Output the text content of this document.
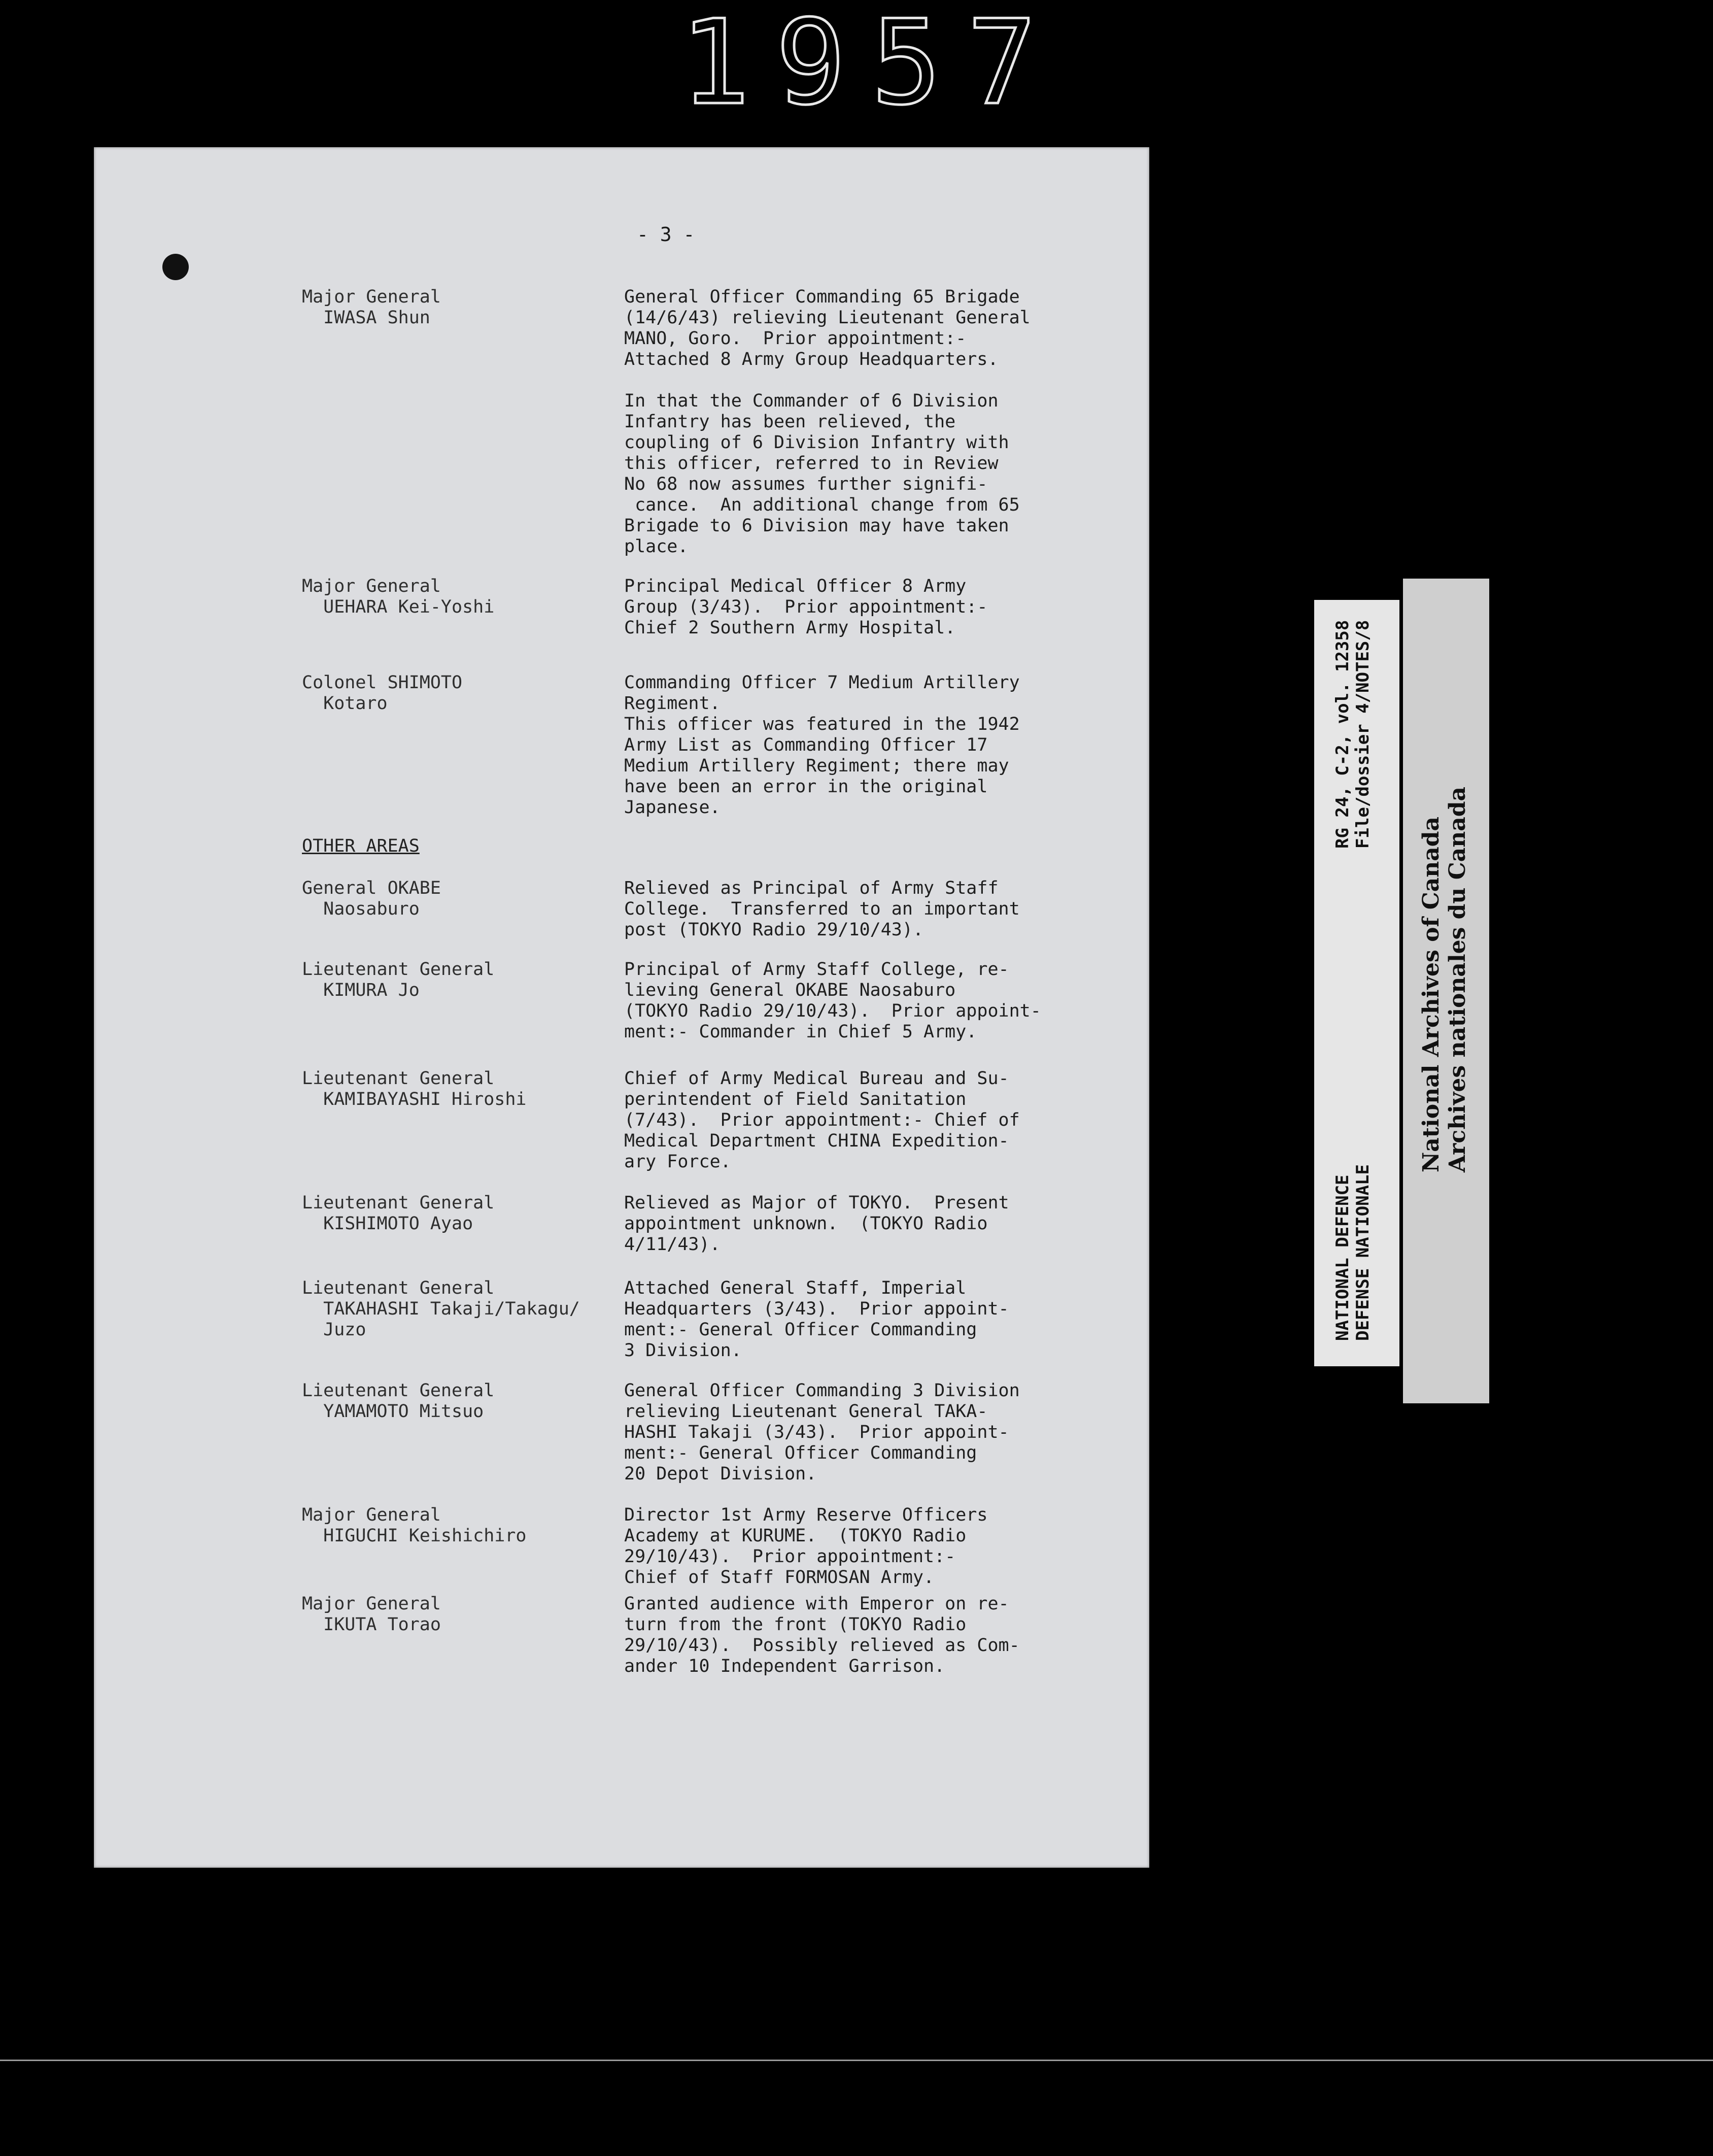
1957
- 3 -
Major General
IWASA Shun
General Officer Commanding 65 Brigade
(14/6/43) relieving Lieutenant General
MANO, Goro.  Prior appointment:-
Attached 8 Army Group Headquarters.
In that the Commander of 6 Division
Infantry has been relieved, the
coupling of 6 Division Infantry with
this officer, referred to in Review
No 68 now assumes further signifi-
cance.  An additional change from 65
Brigade to 6 Division may have taken
place.
Major General
UEHARA Kei-Yoshi
Principal Medical Officer 8 Army
Group (3/43).  Prior appointment:-
Chief 2 Southern Army Hospital.
Colonel SHIMOTO
Kotaro
Commanding Officer 7 Medium Artillery
Regiment.
This officer was featured in the 1942
Army List as Commanding Officer 17
Medium Artillery Regiment; there may
have been an error in the original
Japanese.
OTHER AREAS
General OKABE
Naosaburo
Relieved as Principal of Army Staff
College.  Transferred to an important
post (TOKYO Radio 29/10/43).
Lieutenant General
KIMURA Jo
Principal of Army Staff College, re-
lieving General OKABE Naosaburo
(TOKYO Radio 29/10/43).  Prior appoint-
ment:- Commander in Chief 5 Army.
Lieutenant General
KAMIBAYASHI Hiroshi
Chief of Army Medical Bureau and Su-
perintendent of Field Sanitation
(7/43).  Prior appointment:- Chief of
Medical Department CHINA Expedition-
ary Force.
Lieutenant General
KISHIMOTO Ayao
Relieved as Major of TOKYO.  Present
appointment unknown.  (TOKYO Radio
4/11/43).
Lieutenant General
TAKAHASHI Takaji/Takagu/
Juzo
Attached General Staff, Imperial
Headquarters (3/43).  Prior appoint-
ment:- General Officer Commanding
3 Division.
Lieutenant General
YAMAMOTO Mitsuo
General Officer Commanding 3 Division
relieving Lieutenant General TAKA-
HASHI Takaji (3/43).  Prior appoint-
ment:- General Officer Commanding
20 Depot Division.
Major General
HIGUCHI Keishichiro
Director 1st Army Reserve Officers
Academy at KURUME.  (TOKYO Radio
29/10/43).  Prior appointment:-
Chief of Staff FORMOSAN Army.
Major General
IKUTA Torao
Granted audience with Emperor on re-
turn from the front (TOKYO Radio
29/10/43).  Possibly relieved as Com-
ander 10 Independent Garrison.
NATIONAL DEFENCE DEFENSE NATIONALE
RG 24, C-2, vol. 12358 File/dossier 4/NOTES/8
National Archives of Canada Archives nationales du Canada
